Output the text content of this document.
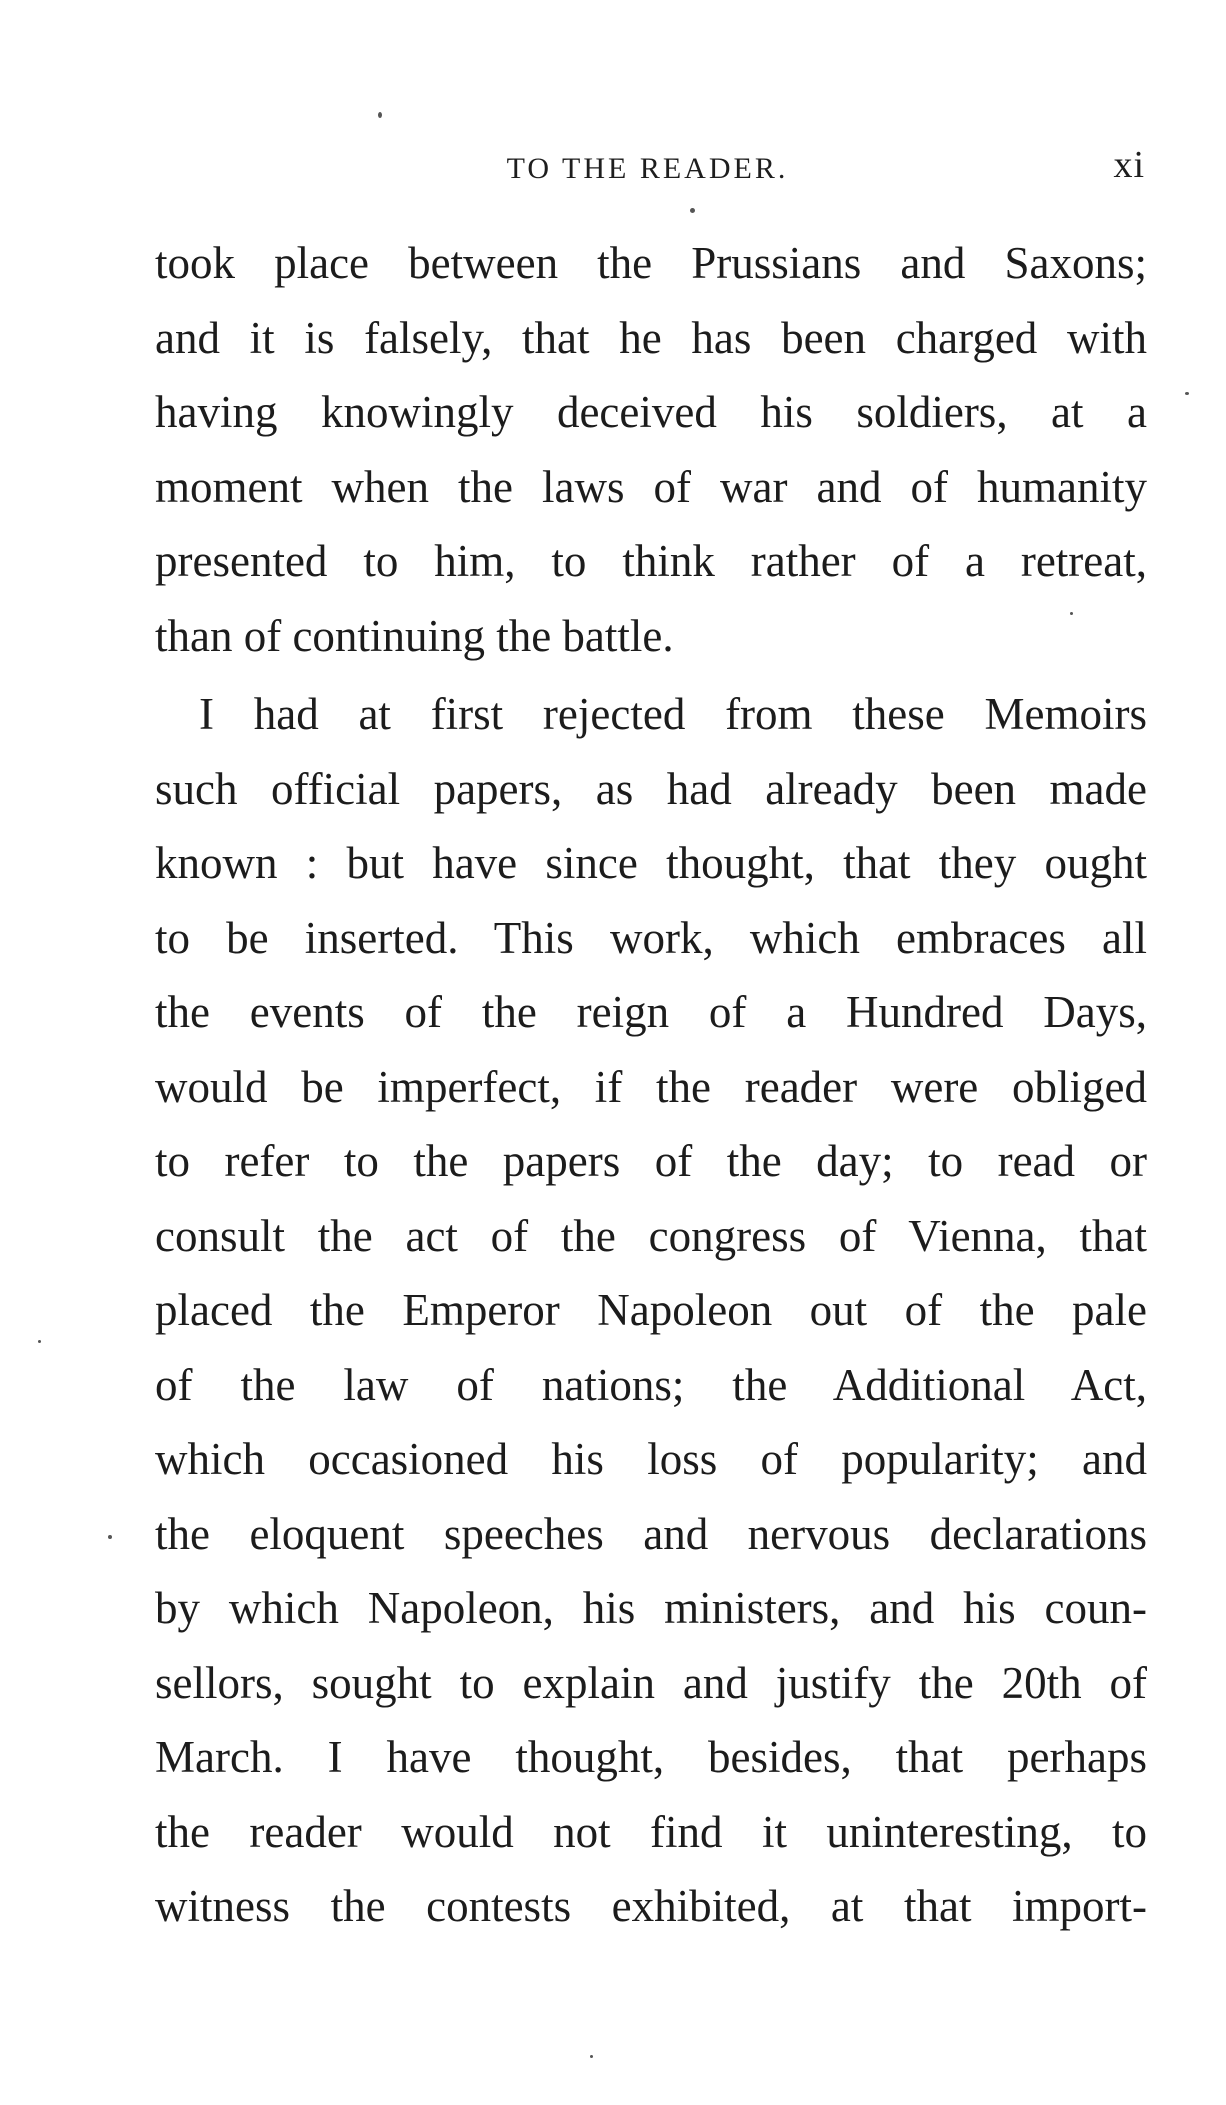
TO THE READER.	xi
took place between the Prussians and Saxons;
and it is falsely, that he has been charged with
having knowingly deceived his soldiers, at a
moment when the laws of war and of humanity
presented to him, to think rather of a retreat,
than of continuing the battle.
I had at first rejected from these Memoirs
such official papers, as had already been made
known : but have since thought, that they ought
to be inserted. This work, which embraces all
the events of the reign of a Hundred Days,
would be imperfect, if the reader were obliged
to refer to the papers of the day; to read or
consult the act of the congress of Vienna, that
placed the Emperor Napoleon out of the pale
of the law of nations; the Additional Act,
which occasioned his loss of popularity; and
the eloquent speeches and nervous declarations
by which Napoleon, his ministers, and his coun-
sellors, sought to explain and justify the 20th of
March. I have thought, besides, that perhaps
the reader would not find it uninteresting, to
witness the contests exhibited, at that import-
